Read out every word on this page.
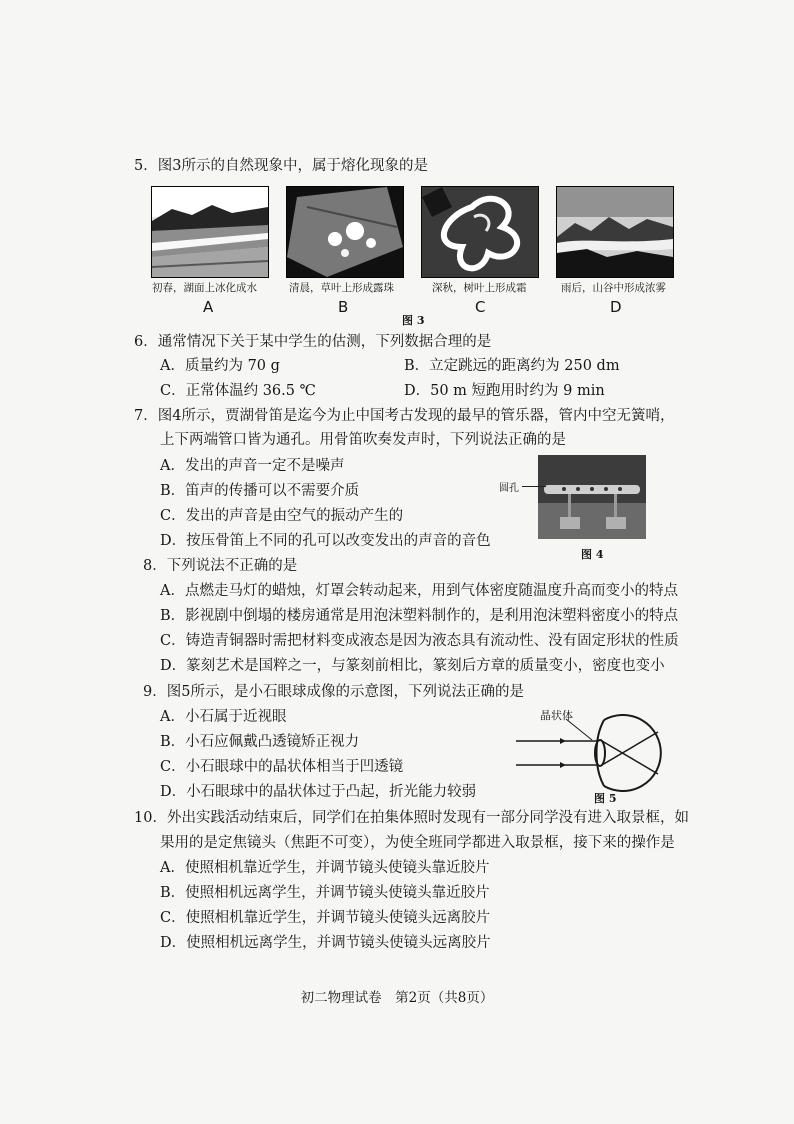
5．图3所示的自然现象中，属于熔化现象的是
初春，湖面上冰化成水	清晨，草叶上形成露珠	深秋，树叶上形成霜	雨后，山谷中形成浓雾
A	B	C	D
图 3
6．通常情况下关于某中学生的估测，下列数据合理的是
A．质量约为 70 g	B．立定跳远的距离约为 250 dm
C．正常体温约 36.5 ℃	D．50 m 短跑用时约为 9 min
7．图4所示，贾湖骨笛是迄今为止中国考古发现的最早的管乐器，管内中空无簧哨，
上下两端管口皆为通孔。用骨笛吹奏发声时，下列说法正确的是
A．发出的声音一定不是噪声
B．笛声的传播可以不需要介质
C．发出的声音是由空气的振动产生的
D．按压骨笛上不同的孔可以改变发出的声音的音色
圆孔
图 4
8．下列说法不正确的是
A．点燃走马灯的蜡烛，灯罩会转动起来，用到气体密度随温度升高而变小的特点
B．影视剧中倒塌的楼房通常是用泡沫塑料制作的，是利用泡沫塑料密度小的特点
C．铸造青铜器时需把材料变成液态是因为液态具有流动性、没有固定形状的性质
D．篆刻艺术是国粹之一，与篆刻前相比，篆刻后方章的质量变小，密度也变小
9．图5所示，是小石眼球成像的示意图，下列说法正确的是
A．小石属于近视眼
B．小石应佩戴凸透镜矫正视力
C．小石眼球中的晶状体相当于凹透镜
D．小石眼球中的晶状体过于凸起，折光能力较弱
晶状体
图 5
10．外出实践活动结束后，同学们在拍集体照时发现有一部分同学没有进入取景框，如
果用的是定焦镜头（焦距不可变），为使全班同学都进入取景框，接下来的操作是
A．使照相机靠近学生，并调节镜头使镜头靠近胶片
B．使照相机远离学生，并调节镜头使镜头靠近胶片
C．使照相机靠近学生，并调节镜头使镜头远离胶片
D．使照相机远离学生，并调节镜头使镜头远离胶片
初二物理试卷　第2页（共8页）
